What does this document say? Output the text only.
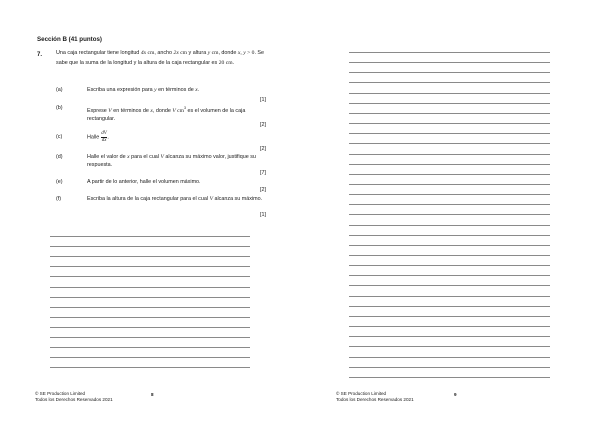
Sección B (41 puntos)
7.	Una caja rectangular tiene longitud 4x cm, ancho 2x cm y altura y cm, donde x, y > 0. Se sabe que la suma de la longitud y la altura de la caja rectangular es 20 cm.
(a)	Escriba una expresión para y en términos de x.
[1]
(b)	Exprese V en términos de x, donde V $cm^3$ es el volumen de la caja rectangular.
[2]
(c)	Halle $\frac{dV}{dx}$ .
[2]
(d)	Halle el valor de x para el cual V alcanza su máximo valor, justifique su respuesta.
[7]
(e)	A partir de lo anterior, halle el volumen máximo.
[2]
(f)	Escriba la altura de la caja rectangular para el cual V alcanza su máximo.
[1]
© SE Production Limited
Todos los Derechos Reservados 2021
8	© SE Production Limited
Todos los Derechos Reservados 2021
9
